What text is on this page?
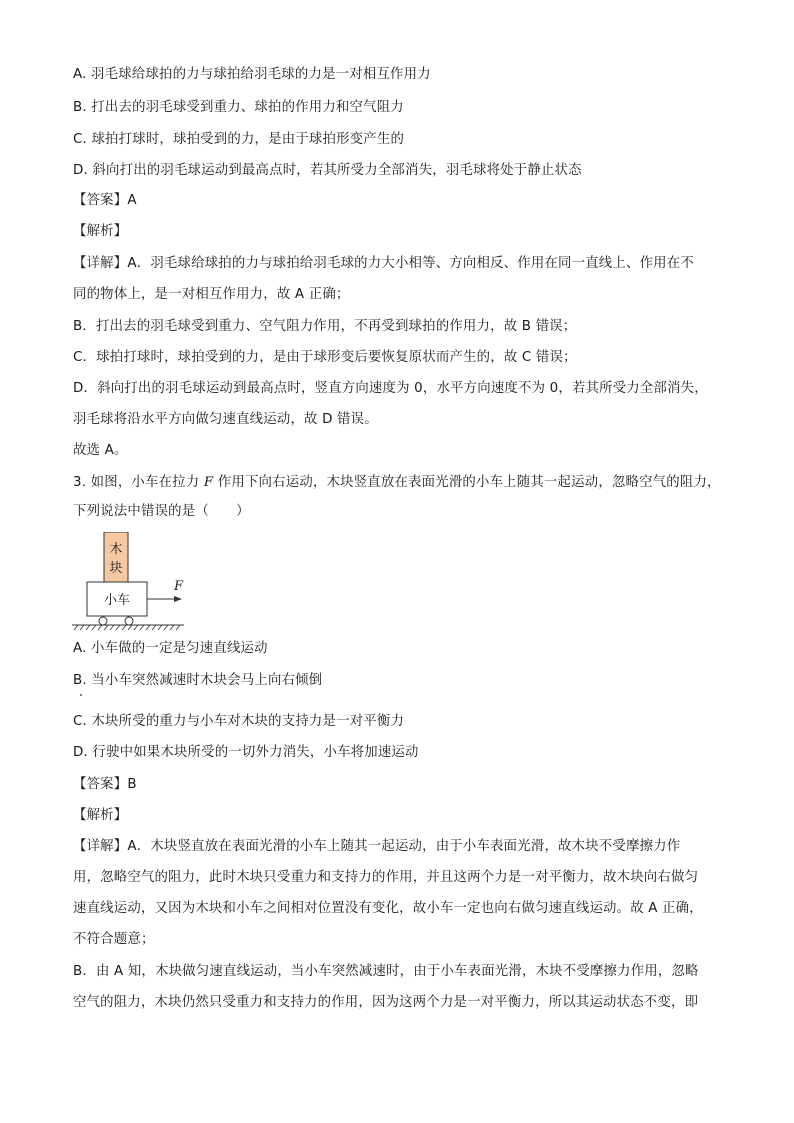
A. 羽毛球给球拍的力与球拍给羽毛球的力是一对相互作用力
B. 打出去的羽毛球受到重力、球拍的作用力和空气阻力
C. 球拍打球时，球拍受到的力，是由于球拍形变产生的
D. 斜向打出的羽毛球运动到最高点时，若其所受力全部消失，羽毛球将处于静止状态
【答案】A
【解析】
【详解】A．羽毛球给球拍的力与球拍给羽毛球的力大小相等、方向相反、作用在同一直线上、作用在不
同的物体上，是一对相互作用力，故 A 正确；
B．打出去的羽毛球受到重力、空气阻力作用，不再受到球拍的作用力，故 B 错误；
C．球拍打球时，球拍受到的力，是由于球形变后要恢复原状而产生的，故 C 错误；
D．斜向打出的羽毛球运动到最高点时，竖直方向速度为 0，水平方向速度不为 0，若其所受力全部消失，
羽毛球将沿水平方向做匀速直线运动，故 D 错误。
故选 A。
3. 如图，小车在拉力 F 作用下向右运动，木块竖直放在表面光滑的小车上随其一起运动，忽略空气的阻力，
下列说法中错误的是（　　）
木
块
小车
F
A. 小车做的一定是匀速直线运动
B. 当小车突然减速时木块会马上向右倾倒
C. 木块所受的重力与小车对木块的支持力是一对平衡力
D. 行驶中如果木块所受的一切外力消失，小车将加速运动
【答案】B
【解析】
【详解】A．木块竖直放在表面光滑的小车上随其一起运动，由于小车表面光滑，故木块不受摩擦力作
用，忽略空气的阻力，此时木块只受重力和支持力的作用，并且这两个力是一对平衡力，故木块向右做匀
速直线运动，又因为木块和小车之间相对位置没有变化，故小车一定也向右做匀速直线运动。故 A 正确，
不符合题意；
B．由 A 知，木块做匀速直线运动，当小车突然减速时，由于小车表面光滑，木块不受摩擦力作用，忽略
空气的阻力，木块仍然只受重力和支持力的作用，因为这两个力是一对平衡力，所以其运动状态不变，即
